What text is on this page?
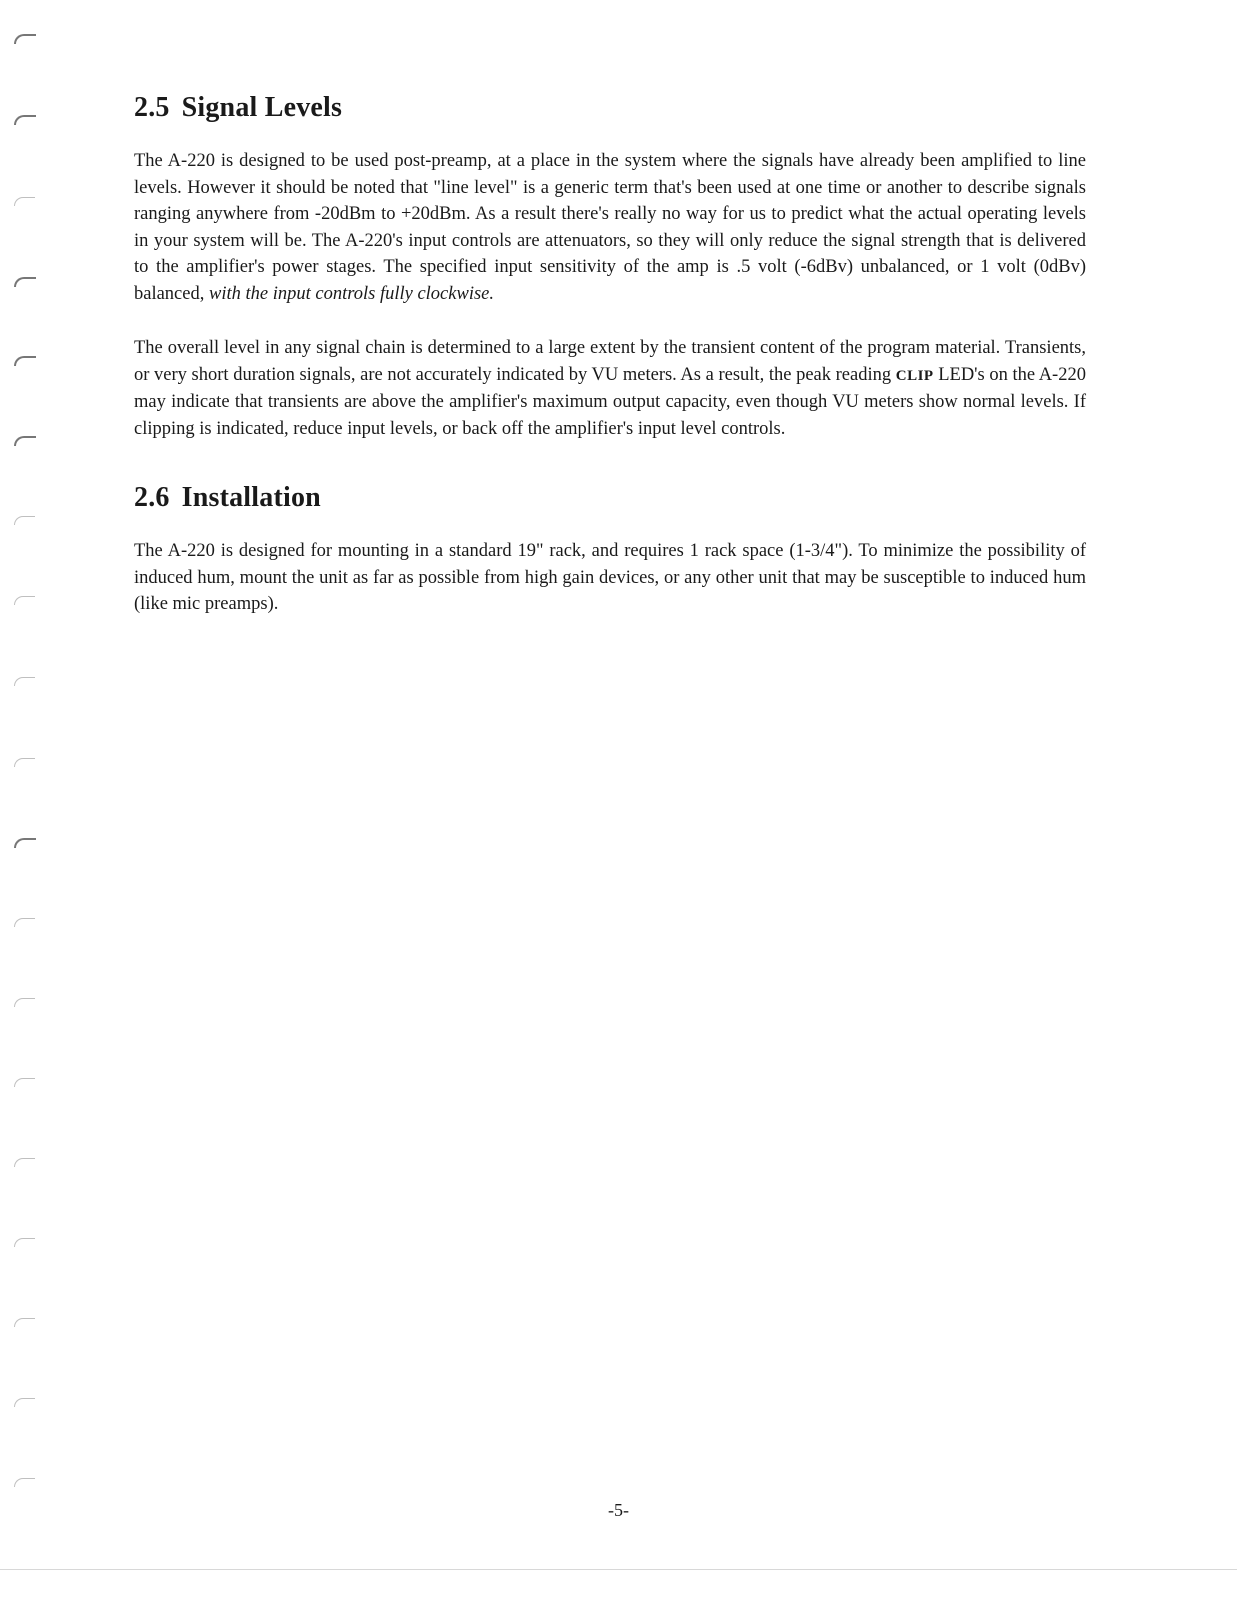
2.5 Signal Levels

The A-220 is designed to be used post-preamp, at a place in the system where the signals have already been amplified to line levels. However it should be noted that "line level" is a generic term that's been used at one time or another to describe signals ranging anywhere from -20dBm to +20dBm. As a result there's really no way for us to predict what the actual operating levels in your system will be. The A-220's input controls are attenuators, so they will only reduce the signal strength that is delivered to the amplifier's power stages. The specified input sensitivity of the amp is .5 volt (-6dBv) unbalanced, or 1 volt (0dBv) balanced, with the input controls fully clockwise.

The overall level in any signal chain is determined to a large extent by the transient content of the program material. Transients, or very short duration signals, are not accurately indicated by VU meters. As a result, the peak reading CLIP LED's on the A-220 may indicate that transients are above the amplifier's maximum output capacity, even though VU meters show normal levels. If clipping is indicated, reduce input levels, or back off the amplifier's input level controls.

2.6 Installation

The A-220 is designed for mounting in a standard 19" rack, and requires 1 rack space (1-3/4"). To minimize the possibility of induced hum, mount the unit as far as possible from high gain devices, or any other unit that may be susceptible to induced hum (like mic preamps).

-5-
